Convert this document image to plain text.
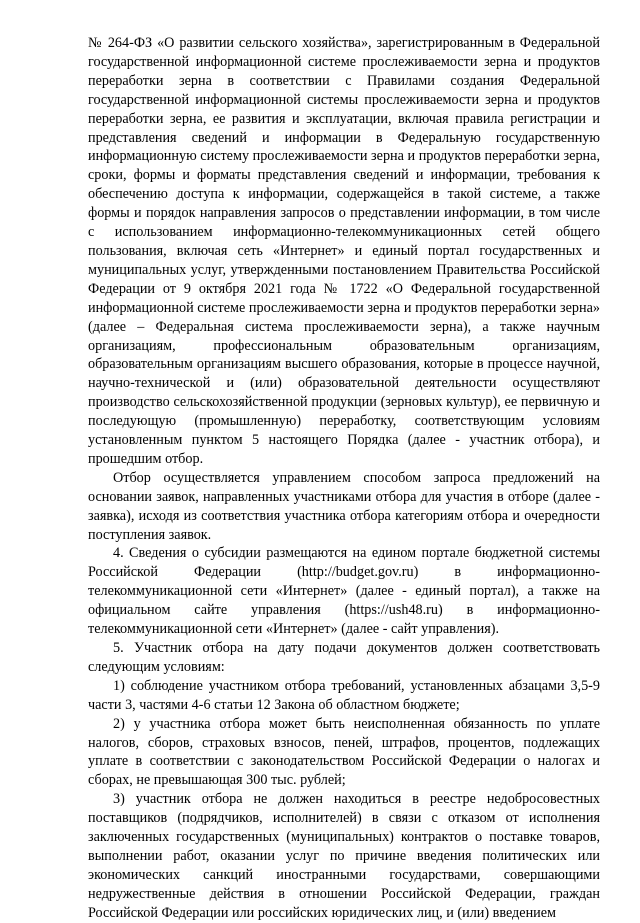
№ 264-ФЗ «О развитии сельского хозяйства», зарегистрированным в Федеральной государственной информационной системе прослеживаемости зерна и продуктов переработки зерна в соответствии с Правилами создания Федеральной государственной информационной системы прослеживаемости зерна и продуктов переработки зерна, ее развития и эксплуатации, включая правила регистрации и представления сведений и информации в Федеральную государственную информационную систему прослеживаемости зерна и продуктов переработки зерна, сроки, формы и форматы представления сведений и информации, требования к обеспечению доступа к информации, содержащейся в такой системе, а также формы и порядок направления запросов о представлении информации, в том числе с использованием информационно-телекоммуникационных сетей общего пользования, включая сеть «Интернет» и единый портал государственных и муниципальных услуг, утвержденными постановлением Правительства Российской Федерации от 9 октября 2021 года № 1722 «О Федеральной государственной информационной системе прослеживаемости зерна и продуктов переработки зерна» (далее – Федеральная система прослеживаемости зерна), а также научным организациям, профессиональным образовательным организациям, образовательным организациям высшего образования, которые в процессе научной, научно-технической и (или) образовательной деятельности осуществляют производство сельскохозяйственной продукции (зерновых культур), ее первичную и последующую (промышленную) переработку, соответствующим условиям установленным пунктом 5 настоящего Порядка (далее - участник отбора), и прошедшим отбор.

Отбор осуществляется управлением способом запроса предложений на основании заявок, направленных участниками отбора для участия в отборе (далее - заявка), исходя из соответствия участника отбора категориям отбора и очередности поступления заявок.

4. Сведения о субсидии размещаются на едином портале бюджетной системы Российской Федерации (http://budget.gov.ru) в информационно-телекоммуникационной сети «Интернет» (далее - единый портал), а также на официальном сайте управления (https://ush48.ru) в информационно-телекоммуникационной сети «Интернет» (далее - сайт управления).

5. Участник отбора на дату подачи документов должен соответствовать следующим условиям:

1) соблюдение участником отбора требований, установленных абзацами 3,5-9 части 3, частями 4-6 статьи 12 Закона об областном бюджете;

2) у участника отбора может быть неисполненная обязанность по уплате налогов, сборов, страховых взносов, пеней, штрафов, процентов, подлежащих уплате в соответствии с законодательством Российской Федерации о налогах и сборах, не превышающая 300 тыс. рублей;

3) участник отбора не должен находиться в реестре недобросовестных поставщиков (подрядчиков, исполнителей) в связи с отказом от исполнения заключенных государственных (муниципальных) контрактов о поставке товаров, выполнении работ, оказании услуг по причине введения политических или экономических санкций иностранными государствами, совершающими недружественные действия в отношении Российской Федерации, граждан Российской Федерации или российских юридических лиц, и (или) введением
